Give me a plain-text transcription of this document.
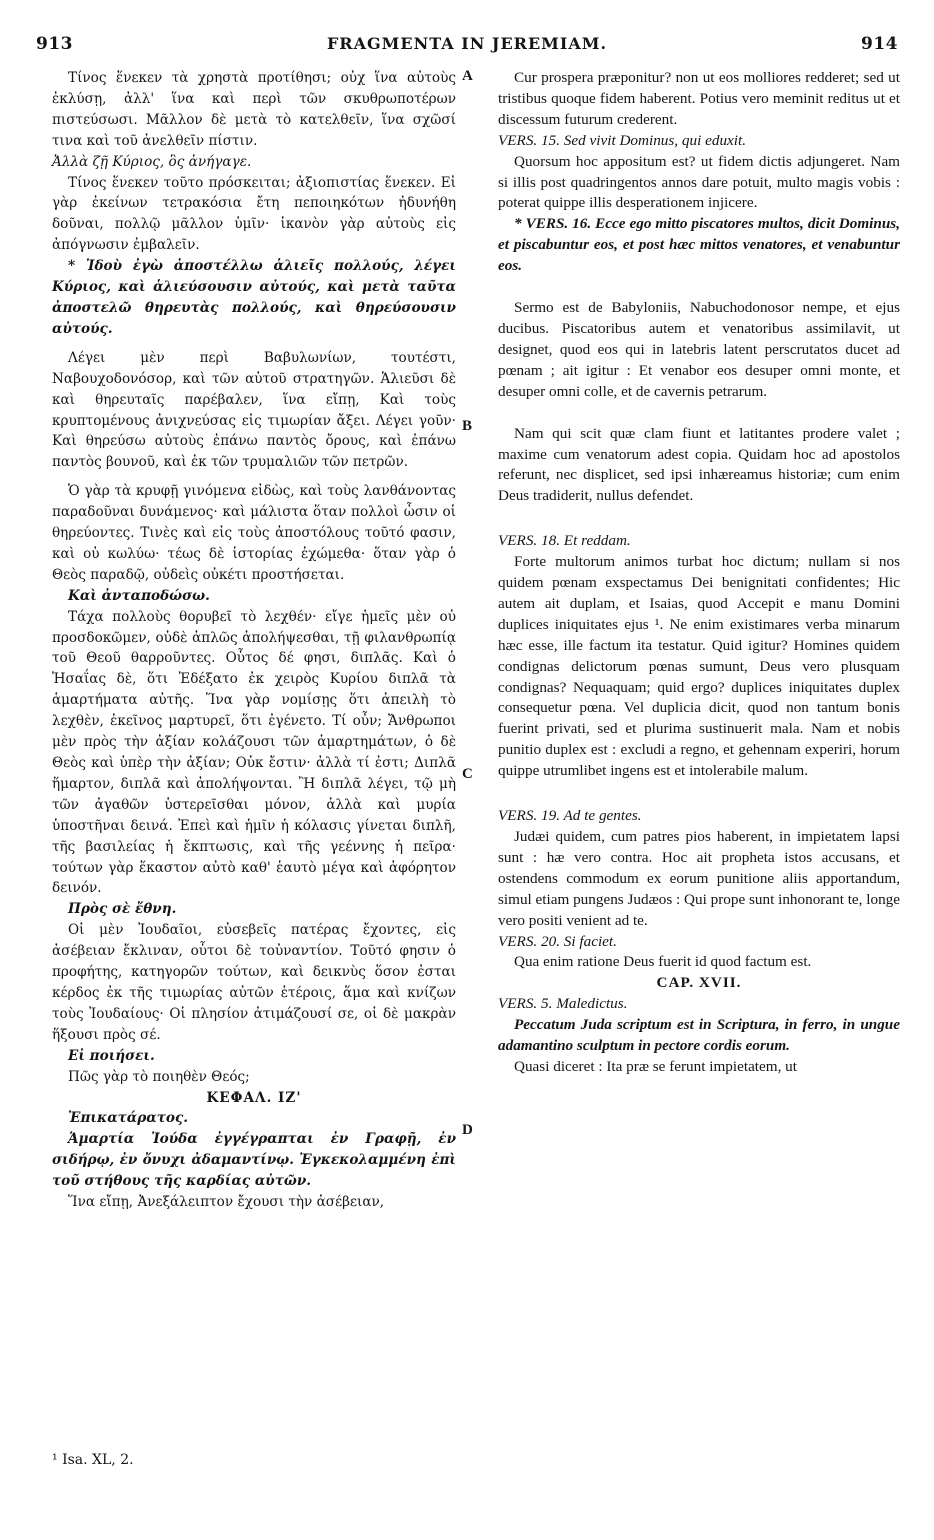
913	FRAGMENTA IN JEREMIAM.	914

Τίνος ἕνεκεν τὰ χρηστὰ προτίθησι; οὐχ ἵνα αὐτοὺς ἐκλύσῃ, ἀλλ' ἵνα καὶ περὶ τῶν σκυθρωποτέρων πιστεύσωσι. Μᾶλλον δὲ μετὰ τὸ κατελθεῖν, ἵνα σχῶσί τινα καὶ τοῦ ἀνελθεῖν πίστιν.

Ἀλλὰ ζῇ Κύριος, ὃς ἀνήγαγε.

Τίνος ἕνεκεν τοῦτο πρόσκειται; ἀξιοπιστίας ἕνεκεν. Εἰ γὰρ ἐκείνων τετρακόσια ἔτη πεποιηκότων ἠδυνήθη δοῦναι, πολλῷ μᾶλλον ὑμῖν· ἱκανὸν γὰρ αὐτοὺς εἰς ἀπόγνωσιν ἐμβαλεῖν.

* Ἰδοὺ ἐγὼ ἀποστέλλω ἁλιεῖς πολλούς, λέγει Κύριος, καὶ ἁλιεύσουσιν αὐτούς, καὶ μετὰ ταῦτα ἀποστελῶ θηρευτὰς πολλούς, καὶ θηρεύσουσιν αὐτούς.

Λέγει μὲν περὶ Βαβυλωνίων, τουτέστι, Ναβουχοδονόσορ, καὶ τῶν αὐτοῦ στρατηγῶν. Ἁλιεῦσι δὲ καὶ θηρευταῖς παρέβαλεν, ἵνα εἴπῃ, Καὶ τοὺς κρυπτομένους ἀνιχνεύσας εἰς τιμωρίαν ἄξει. Λέγει γοῦν· Καὶ θηρεύσω αὐτοὺς ἐπάνω παντὸς ὄρους, καὶ ἐπάνω παντὸς βουνοῦ, καὶ ἐκ τῶν τρυμαλιῶν τῶν πετρῶν.

Ὁ γὰρ τὰ κρυφῇ γινόμενα εἰδὼς, καὶ τοὺς λανθάνοντας παραδοῦναι δυνάμενος· καὶ μάλιστα ὅταν πολλοὶ ὦσιν οἱ θηρεύοντες. Τινὲς καὶ εἰς τοὺς ἀποστόλους τοῦτό φασιν, καὶ οὐ κωλύω· τέως δὲ ἱστορίας ἐχώμεθα· ὅταν γὰρ ὁ Θεὸς παραδῷ, οὐδεὶς οὐκέτι προστήσεται.

Καὶ ἀνταποδώσω.

Τάχα πολλοὺς θορυβεῖ τὸ λεχθέν· εἴγε ἡμεῖς μὲν οὐ προσδοκῶμεν, οὐδὲ ἁπλῶς ἀπολήψεσθαι, τῇ φιλανθρωπίᾳ τοῦ Θεοῦ θαρροῦντες. Οὗτος δέ φησι, διπλᾶς. Καὶ ὁ Ἡσαΐας δὲ, ὅτι Ἐδέξατο ἐκ χειρὸς Κυρίου διπλᾶ τὰ ἁμαρτήματα αὐτῆς. Ἵνα γὰρ νομίσῃς ὅτι ἀπειλὴ τὸ λεχθὲν, ἐκεῖνος μαρτυρεῖ, ὅτι ἐγένετο. Τί οὖν; Ἄνθρωποι μὲν πρὸς τὴν ἀξίαν κολάζουσι τῶν ἁμαρτημάτων, ὁ δὲ Θεὸς καὶ ὑπὲρ τὴν ἀξίαν; Οὐκ ἔστιν· ἀλλὰ τί ἐστι; Διπλᾶ ἥμαρτον, διπλᾶ καὶ ἀπολήψονται. Ἢ διπλᾶ λέγει, τῷ μὴ τῶν ἀγαθῶν ὑστερεῖσθαι μόνον, ἀλλὰ καὶ μυρία ὑποστῆναι δεινά. Ἐπεὶ καὶ ἡμῖν ἡ κόλασις γίνεται διπλῆ, τῆς βασιλείας ἡ ἔκπτωσις, καὶ τῆς γεέννης ἡ πεῖρα· τούτων γὰρ ἕκαστον αὐτὸ καθ' ἑαυτὸ μέγα καὶ ἀφόρητον δεινόν.

Πρὸς σὲ ἔθνη.

Οἱ μὲν Ἰουδαῖοι, εὐσεβεῖς πατέρας ἔχοντες, εἰς ἀσέβειαν ἔκλιναν, οὗτοι δὲ τοὐναντίον. Τοῦτό φησιν ὁ προφήτης, κατηγορῶν τούτων, καὶ δεικνὺς ὅσον ἐσται κέρδος ἐκ τῆς τιμωρίας αὐτῶν ἑτέροις, ἅμα καὶ κνίζων τοὺς Ἰουδαίους· Οἱ πλησίον ἀτιμάζουσί σε, οἱ δὲ μακρὰν ἥξουσι πρὸς σέ.

Εἰ ποιήσει.

Πῶς γὰρ τὸ ποιηθὲν Θεός;

ΚΕΦΑΛ. ΙΖ'

Ἐπικατάρατος.

Ἁμαρτία Ἰούδα ἐγγέγραπται ἐν Γραφῇ, ἐν σιδήρῳ, ἐν ὄνυχι ἀδαμαντίνῳ. Ἐγκεκολαμμένη ἐπὶ τοῦ στήθους τῆς καρδίας αὐτῶν.

Ἵνα εἴπῃ, Ἀνεξάλειπτον ἔχουσι τὴν ἀσέβειαν,

Cur prospera præponitur? non ut eos molliores redderet; sed ut tristibus quoque fidem haberent. Potius vero meminit reditus ut et discessum futurum crederent.

VERS. 15. Sed vivit Dominus, qui eduxit.

Quorsum hoc appositum est? ut fidem dictis adjungeret. Nam si illis post quadringentos annos dare potuit, multo magis vobis : poterat quippe illis desperationem injicere.

* VERS. 16. Ecce ego mitto piscatores multos, dicit Dominus, et piscabuntur eos, et post hæc mittos venatores, et venabuntur eos.

Sermo est de Babyloniis, Nabuchodonosor nempe, et ejus ducibus. Piscatoribus autem et venatoribus assimilavit, ut designet, quod eos qui in latebris latent perscrutatos ducet ad pœnam ; ait igitur : Et venabor eos desuper omni monte, et desuper omni colle, et de cavernis petrarum.

Nam qui scit quæ clam fiunt et latitantes prodere valet ; maxime cum venatorum adest copia. Quidam hoc ad apostolos referunt, nec displicet, sed ipsi inhæreamus historiæ; cum enim Deus tradiderit, nullus defendet.

VERS. 18. Et reddam.

Forte multorum animos turbat hoc dictum; nullam si nos quidem pœnam exspectamus Dei benignitati confidentes; Hic autem ait duplam, et Isaias, quod Accepit e manu Domini duplices iniquitates ejus ¹. Ne enim existimares verba minarum hæc esse, ille factum ita testatur. Quid igitur? Homines quidem condignas delictorum pœnas sumunt, Deus vero plusquam condignas? Nequaquam; quid ergo? duplices iniquitates duplex consequetur pœna. Vel duplicia dicit, quod non tantum bonis fuerint privati, sed et plurima sustinuerit mala. Nam et nobis punitio duplex est : excludi a regno, et gehennam experiri, horum quippe utrumlibet ingens est et intolerabile malum.

VERS. 19. Ad te gentes.

Judæi quidem, cum patres pios haberent, in impietatem lapsi sunt : hæ vero contra. Hoc ait propheta istos accusans, et ostendens commodum ex eorum punitione aliis apportandum, simul etiam pungens Judæos : Qui prope sunt inhonorant te, longe vero positi venient ad te.

VERS. 20. Si faciet.

Qua enim ratione Deus fuerit id quod factum est.

CAP. XVII.

VERS. 5. Maledictus.

Peccatum Juda scriptum est in Scriptura, in ferro, in ungue adamantino sculptum in pectore cordis eorum.

Quasi diceret : Ita præ se ferunt impietatem, ut

A
B
C
D
¹ Isa. XL, 2.
